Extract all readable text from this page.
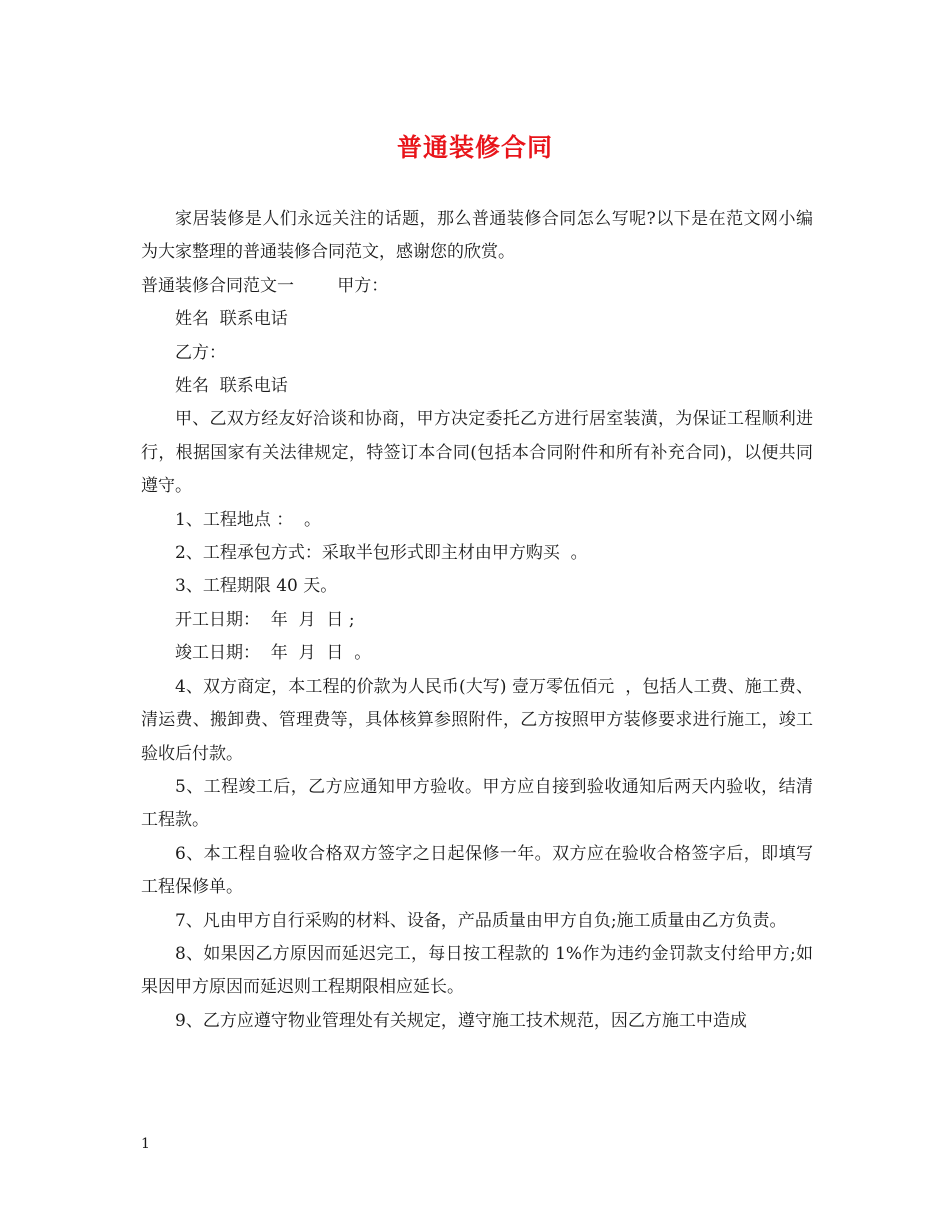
普通装修合同

家居装修是人们永远关注的话题，那么普通装修合同怎么写呢?以下是在范文网小编为大家整理的普通装修合同范文，感谢您的欣赏。

普通装修合同范文一        甲方：

姓名  联系电话

乙方：

姓名  联系电话

甲、乙双方经友好洽谈和协商，甲方决定委托乙方进行居室装潢，为保证工程顺利进行，根据国家有关法律规定，特签订本合同(包括本合同附件和所有补充合同)，以便共同遵守。

1、工程地点 ：  。

2、工程承包方式：采取半包形式即主材由甲方购买  。

3、工程期限 40 天。

开工日期：  年  月  日 ;

竣工日期：  年  月  日  。

4、双方商定，本工程的价款为人民币(大写) 壹万零伍佰元  ，包括人工费、施工费、清运费、搬卸费、管理费等，具体核算参照附件，乙方按照甲方装修要求进行施工，竣工验收后付款。

5、工程竣工后，乙方应通知甲方验收。甲方应自接到验收通知后两天内验收，结清工程款。

6、本工程自验收合格双方签字之日起保修一年。双方应在验收合格签字后，即填写工程保修单。

7、凡由甲方自行采购的材料、设备，产品质量由甲方自负;施工质量由乙方负责。

8、如果因乙方原因而延迟完工，每日按工程款的 1%作为违约金罚款支付给甲方;如果因甲方原因而延迟则工程期限相应延长。

9、乙方应遵守物业管理处有关规定，遵守施工技术规范，因乙方施工中造成

1
